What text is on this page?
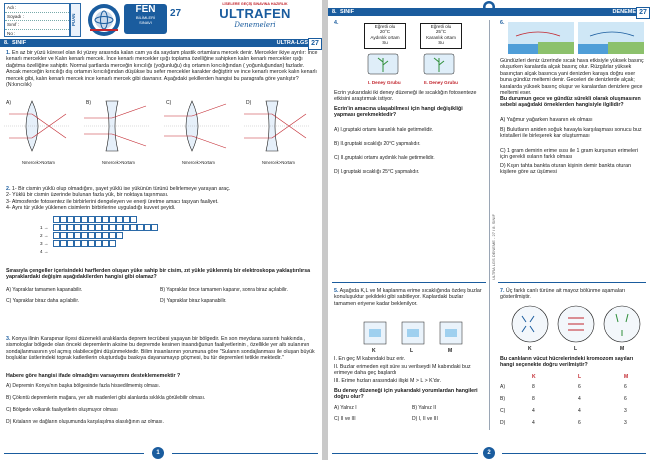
Adı :
Soyadı :
Sınıf :
No :
PUAN
FEN
BİLİMLERİ
SINAVI
27
LİSELERE GEÇİŞ SINAVINA HAZIRLIK
ULTRAFEN
Denemeleri
8. SINIF	ULTRA-LGS 27
1. En az bir yüzü küresel olan iki yüzey arasında kalan cam ya da saydam plastik ortamlara mercek denir. Mercekler ikiye ayrılır: İnce kenarlı mercekler ve Kalın kenarlı mercek. İnce kenarlı mercekler ışığı toplama özelliğine sahipken kalın kenarlı mercekler ışığı dağıtma özelliğine sahiptir. Normal şartlarda merceğin kırıcılığı (yoğunluğu) dış ortamın kırıcılığından ( yoğunluğundan) fazladır. Ancak merceğin kırıcılığı dış ortamın kırıcılığından düşükse bu sefer mercekler karakter değiştirir ve ince kenarlı mercek kalın kenarlı mercek gibi, kalın kenarlı mercek ince kenarlı mercek gibi davranır. Aşağıdaki şekillerden hangisi bu paragrafa göre yanlıştır? (N:kırıcılık)
A)	B)	C)	D)
Nmercek>Nortam	Nmercek>Nortam	Nmercek>Nortam	Nmercek>Nortam
2. 1- Bir cismin yüklü olup olmadığını, şayet yüklü ise yükünün türünü belirlemeye yarayan araç.
2- Yüklü bir cismin üzerinde bulunan fazla yük, bir noktaya taşınması.
3- Atmosferde fotosentez ile birbirlerini dengeleyen ve enerji üretme amacı taşıyan faaliyet.
4- Aynı tür yükle yüklenen cisimlerin birbirlerine uyguladığı kuvvet şeyidi.
1 →
2 →
3 →
4 →
Sırasıyla çengeller içerisindeki harflerden oluşan yüke sahip bir cisim, zıt yükle yüklenmiş bir elektroskopa yaklaştırılırsa yapraklardaki değişim aşağıdakilerden hangisi gibi olamaz?
A) Yapraklar tamamen kapanabilir.	B) Yapraklar önce tamamen kapanır, sonra biraz açılabilir.
C) Yapraklar biraz daha açılabilir.	D) Yapraklar biraz kapanabilir.
3. Konya ilinin Karapınar ilçesi düzenekli aralıklarda deprem tecrübesi yaşayan bir bölgedir. En son meydana sarsıntı hakkında , sismologlar bölgede olan önceki depremlerin aksine bu depremde kesinen insandığunun faaliyetlerinin , özellikle yer altı sulanının sondajlanmasının yol açmış olabileceğini düşünmektedir. Bilim insanlarının yorumuna göre "Sulanın sondajlanması ile oluşan büyük boşluklar üstlerindeki toprak katlerilerin oluşturduğu baskıya dayanamayıp göçmesi, bu tür depremleri tetikle mektedir."
Habere göre hangisi ifade olmadığını varsayımını desteklememektir ?
A) Depremin Konya'nın başka bölgesinde fazla hissedilmemiş olması.
B) Çökıntü depremlerin mağara, yer altı madenleri gibi alanlarda sıklıkla görülebilir olması.
C) Bölgede volkanik faaliyetlerin oluşmuyor olması
D) Kıtaların ve dağların oluşumunda karşılaşılma olasılığının az olması.
1
8. SINIF	DENEME 27
ULTRA LGS DENEME - 27 / 8. SINIF
4.
Eğretli olu
20°C
Aydınlık ortam
Su
Eğretli olu
25°C
Karanlık ortam
Su
I. Deney Grubu	II. Deney Grubu
Ecrin yukarıdaki iki deney düzeneği ile sıcaklığın fotosenteze etkisini araştırmak istiyor.
Ecrin'in amacına ulaşabilmesi için hangi değişikliği yapması gerekmektedir?
A) I.gruptaki ortamı karanlık hale getirmelidir.
B) II.gruptaki sıcaklığı 20°C yapmalıdır.
C) II.gruptaki ortamı aydınlık hale getirmelidir.
D) I.gruptaki sıcaklığı 25°C yapmalıdır.
5. Aşağıda K,L ve M kaplanma erime sıcaklığında özdeş buzlar konuluşuktur şekildeki gibi sabitleyor. Kaplardaki buzlar tamamen eriyene kadar beklenilyor.
K	L	M
I. En geç M kabındaki buz erir.
II. Buzlar erimeden eşit süre su verilseydi M kabındaki buz erimeye daha geç başlardı
III. Erime hızları arasındaki ilişki M > L > K'dır.
Bu deney düzeneği için yukarıdaki yorumlardan hangileri doğru olur?
A) Yalnız I	B) Yalnız II
C) II ve III	D) I, II ve III
6.
Gündüzleri deniz üzerinde sıcak hava etkisiyle yüksek basınç oluşurken karalarda alçak basınç olur. Rüzgârlar yüksek basınçtan alçak basınca yani denizden karaya doğru eser buna gündüz meltemi denir. Geceleri de denizlerde alçak; karalarda yüksek basınç oluşur ve karalardan denizlere gece meltemi eser.
Bu durumun gece ve gündüz sürekli olarak oluşmasının sebebi aşağıdaki örneklerden hangisiyle ilgilidir?
A) Yağmur yağarken havanın ek olması
B) Bulutların aniden soğuk havayla karşılaşması sonucu buz kristalleri ile birleşerek kar oluşturması
C) 1 gram demirin erime ısısı ile 1 gram kurşunun erimeleri için gerekli ısıların farklı olması
D) Kışın tahta bankta oturan kişinin demir bankta oturan kişilere göre az üşümesi
7. Üç farklı canlı türüne ait mayoz bölünme aşamaları gösterilmiştir.
K	L	M
Bu canlıların vücut hücrelerindeki kromozom sayıları hangi seçenekte doğru verilmiştir?
K	L	M
A)	8	6	6
B)	8	4	6
C)	4	4	3
D)	4	6	3
2
